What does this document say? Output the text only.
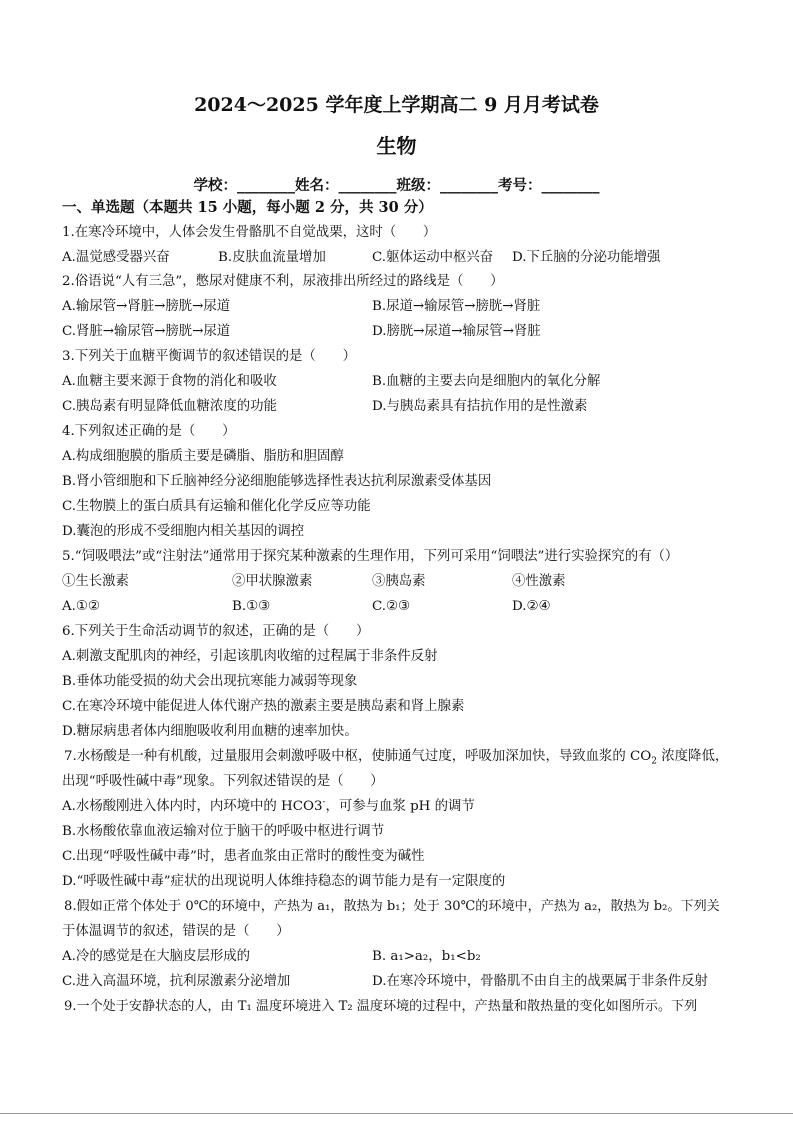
2024～2025 学年度上学期高二 9 月月考试卷
生物
学校：________姓名：________班级：________考号：________
一、单选题（本题共 15 小题，每小题 2 分，共 30 分）
1.在寒冷环境中，人体会发生骨骼肌不自觉战栗，这时（　　）
A.温觉感受器兴奋	B.皮肤血流量增加	C.躯体运动中枢兴奋 D.下丘脑的分泌功能增强
2.俗语说“人有三急”，憋尿对健康不利，尿液排出所经过的路线是（　　）
A.输尿管→肾脏→膀胱→尿道	B.尿道→输尿管→膀胱→肾脏
C.肾脏→输尿管→膀胱→尿道	D.膀胱→尿道→输尿管→肾脏
3.下列关于血糖平衡调节的叙述错误的是（　　）
A.血糖主要来源于食物的消化和吸收	B.血糖的主要去向是细胞内的氧化分解
C.胰岛素有明显降低血糖浓度的功能	D.与胰岛素具有拮抗作用的是性激素
4.下列叙述正确的是（　　）
A.构成细胞膜的脂质主要是磷脂、脂肪和胆固醇
B.肾小管细胞和下丘脑神经分泌细胞能够选择性表达抗利尿激素受体基因
C.生物膜上的蛋白质具有运输和催化化学反应等功能
D.囊泡的形成不受细胞内相关基因的调控
5.“饲吸喂法”或“注射法”通常用于探究某种激素的生理作用，下列可采用“饲喂法”进行实验探究的有（）
①生长激素	②甲状腺激素	③胰岛素	④性激素
A.①②	B.①③	C.②③	D.②④
6.下列关于生命活动调节的叙述，正确的是（　　）
A.刺激支配肌肉的神经，引起该肌肉收缩的过程属于非条件反射
B.垂体功能受损的幼犬会出现抗寒能力减弱等现象
C.在寒冷环境中能促进人体代谢产热的激素主要是胰岛素和肾上腺素
D.糖尿病患者体内细胞吸收利用血糖的速率加快。
7.水杨酸是一种有机酸，过量服用会刺激呼吸中枢，使肺通气过度，呼吸加深加快，导致血浆的 $CO_2$ 浓度降低，
出现“呼吸性碱中毒”现象。下列叙述错误的是（　　）
A.水杨酸刚进入体内时，内环境中的 HCO3-，可参与血浆 pH 的调节
B.水杨酸依靠血液运输对位于脑干的呼吸中枢进行调节
C.出现“呼吸性碱中毒”时，患者血浆由正常时的酸性变为碱性
D.“呼吸性碱中毒”症状的出现说明人体维持稳态的调节能力是有一定限度的
8.假如正常个体处于 0℃的环境中，产热为 a₁，散热为 b₁；处于 30℃的环境中，产热为 a₂，散热为 b₂。下列关
于体温调节的叙述，错误的是（　　）
A.冷的感觉是在大脑皮层形成的	B. a₁>a₂，b₁<b₂
C.进入高温环境，抗利尿激素分泌增加	D.在寒冷环境中，骨骼肌不由自主的战栗属于非条件反射
9.一个处于安静状态的人，由 T₁ 温度环境进入 T₂ 温度环境的过程中，产热量和散热量的变化如图所示。下列
